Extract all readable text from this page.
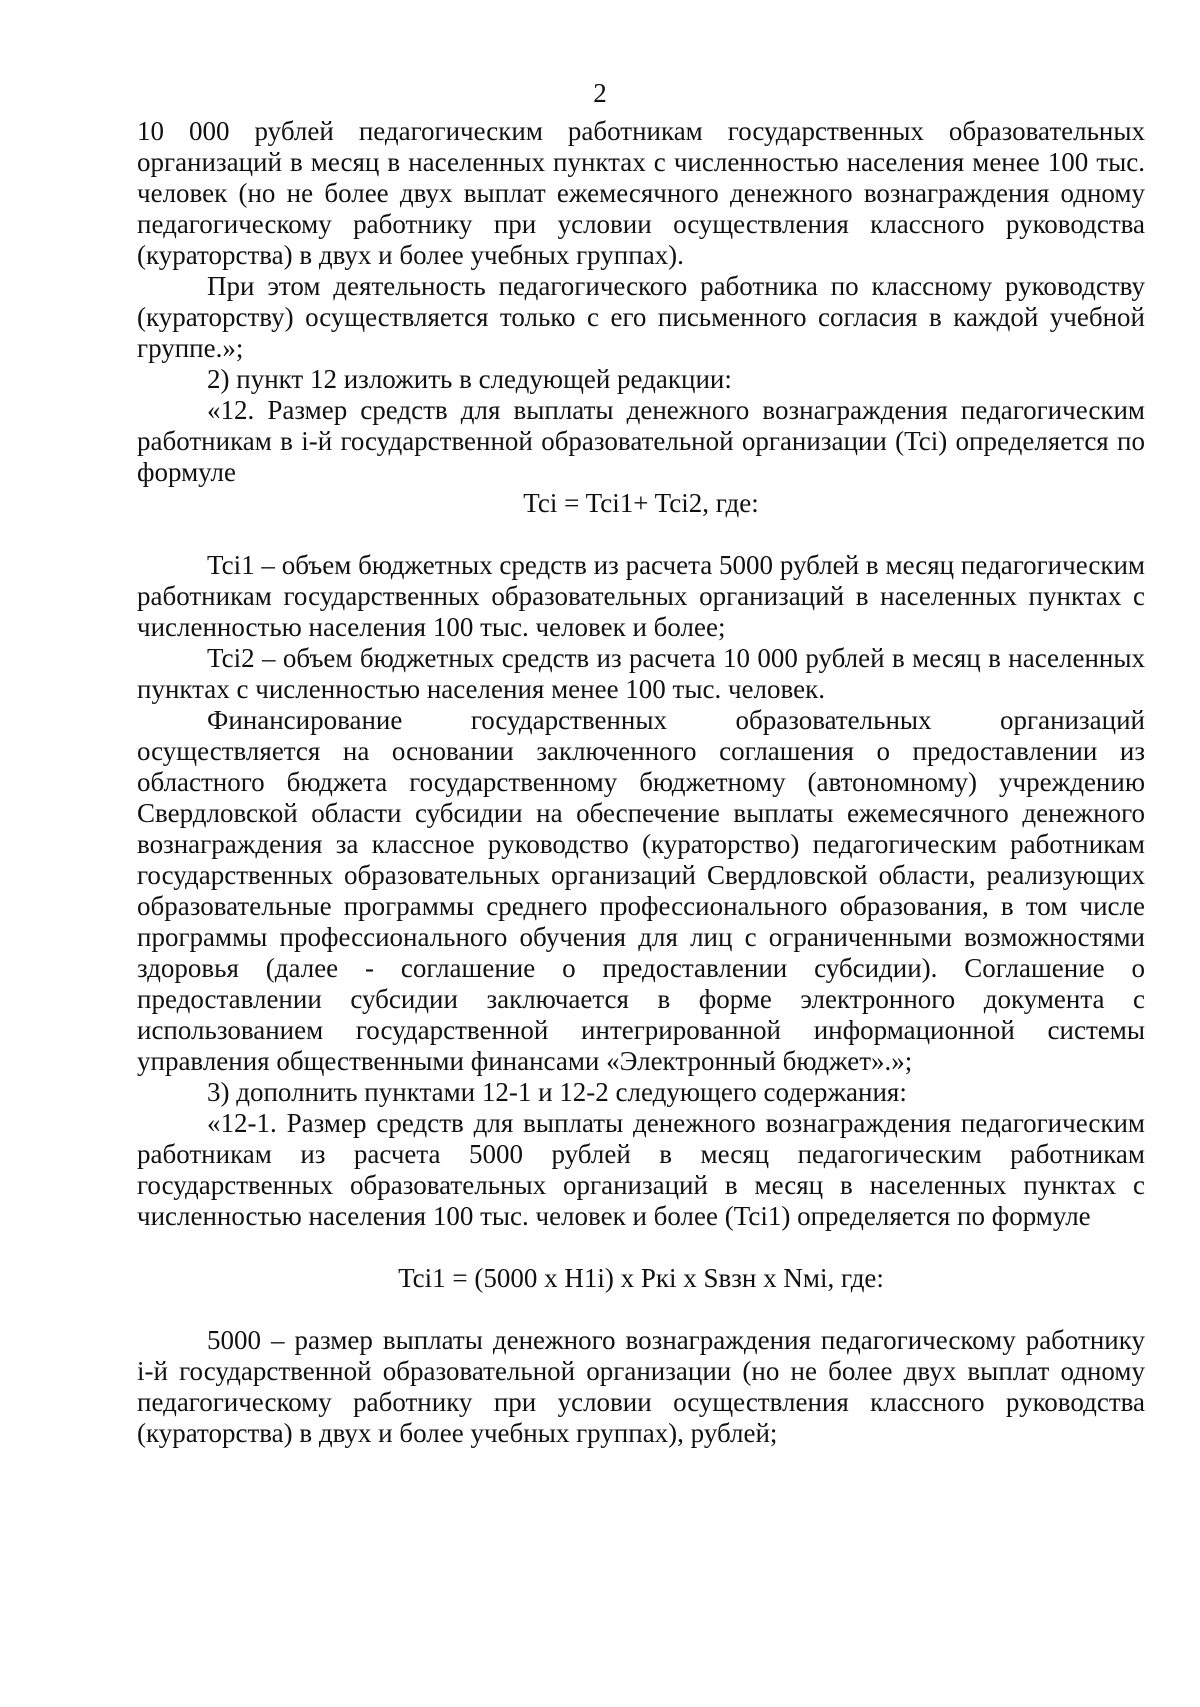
2

10 000 рублей педагогическим работникам государственных образовательных организаций в месяц в населенных пунктах с численностью населения менее 100 тыс. человек (но не более двух выплат ежемесячного денежного вознаграждения одному педагогическому работнику при условии осуществления классного руководства (кураторства) в двух и более учебных группах).

При этом деятельность педагогического работника по классному руководству (кураторству) осуществляется только с его письменного согласия в каждой учебной группе.»;

2) пункт 12 изложить в следующей редакции:

«12. Размер средств для выплаты денежного вознаграждения педагогическим работникам в i-й государственной образовательной организации (Tci) определяется по формуле

Tci = Tci1+ Tci2, где:

Tci1 – объем бюджетных средств из расчета 5000 рублей в месяц педагогическим работникам государственных образовательных организаций в населенных пунктах с численностью населения 100 тыс. человек и более;

Tci2 – объем бюджетных средств из расчета 10 000 рублей в месяц в населенных пунктах с численностью населения менее 100 тыс. человек.

Финансирование государственных образовательных организаций осуществляется на основании заключенного соглашения о предоставлении из областного бюджета государственному бюджетному (автономному) учреждению Свердловской области субсидии на обеспечение выплаты ежемесячного денежного вознаграждения за классное руководство (кураторство) педагогическим работникам государственных образовательных организаций Свердловской области, реализующих образовательные программы среднего профессионального образования, в том числе программы профессионального обучения для лиц с ограниченными возможностями здоровья (далее - соглашение о предоставлении субсидии). Соглашение о предоставлении субсидии заключается в форме электронного документа с использованием государственной интегрированной информационной системы управления общественными финансами «Электронный бюджет».»;

3) дополнить пунктами 12-1 и 12-2 следующего содержания:

«12-1. Размер средств для выплаты денежного вознаграждения педагогическим работникам из расчета 5000 рублей в месяц педагогическим работникам государственных образовательных организаций в месяц в населенных пунктах с численностью населения 100 тыс. человек и более (Tci1) определяется по формуле

Tci1 = (5000 х H1i) х Pкi х Sвзн х Nмi, где:

5000 – размер выплаты денежного вознаграждения педагогическому работнику i-й государственной образовательной организации (но не более двух выплат одному педагогическому работнику при условии осуществления классного руководства (кураторства) в двух и более учебных группах), рублей;
